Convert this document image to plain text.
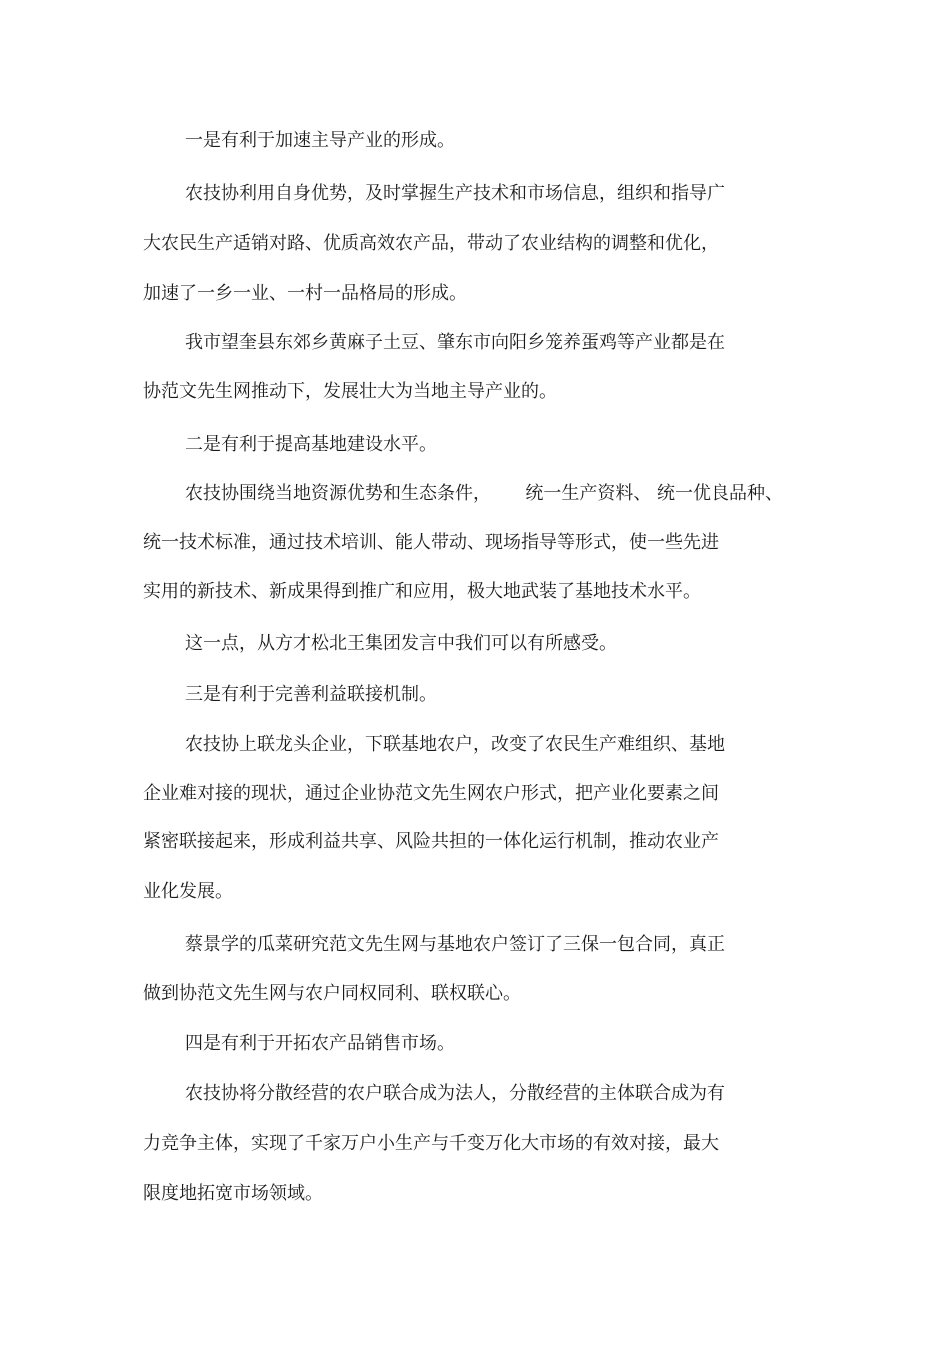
一是有利于加速主导产业的形成。
农技协利用自身优势，及时掌握生产技术和市场信息，组织和指导广
大农民生产适销对路、优质高效农产品，带动了农业结构的调整和优化，
加速了一乡一业、一村一品格局的形成。
我市望奎县东郊乡黄麻子土豆、肇东市向阳乡笼养蛋鸡等产业都是在
协范文先生网推动下，发展壮大为当地主导产业的。
二是有利于提高基地建设水平。
农技协围绕当地资源优势和生态条件，      统一生产资料、 统一优良品种、
统一技术标准，通过技术培训、能人带动、现场指导等形式，使一些先进
实用的新技术、新成果得到推广和应用，极大地武装了基地技术水平。
这一点，从方才松北王集团发言中我们可以有所感受。
三是有利于完善利益联接机制。
农技协上联龙头企业，下联基地农户，改变了农民生产难组织、基地
企业难对接的现状，通过企业协范文先生网农户形式，把产业化要素之间
紧密联接起来，形成利益共享、风险共担的一体化运行机制，推动农业产
业化发展。
蔡景学的瓜菜研究范文先生网与基地农户签订了三保一包合同，真正
做到协范文先生网与农户同权同利、联权联心。
四是有利于开拓农产品销售市场。
农技协将分散经营的农户联合成为法人，分散经营的主体联合成为有
力竞争主体，实现了千家万户小生产与千变万化大市场的有效对接，最大
限度地拓宽市场领域。
